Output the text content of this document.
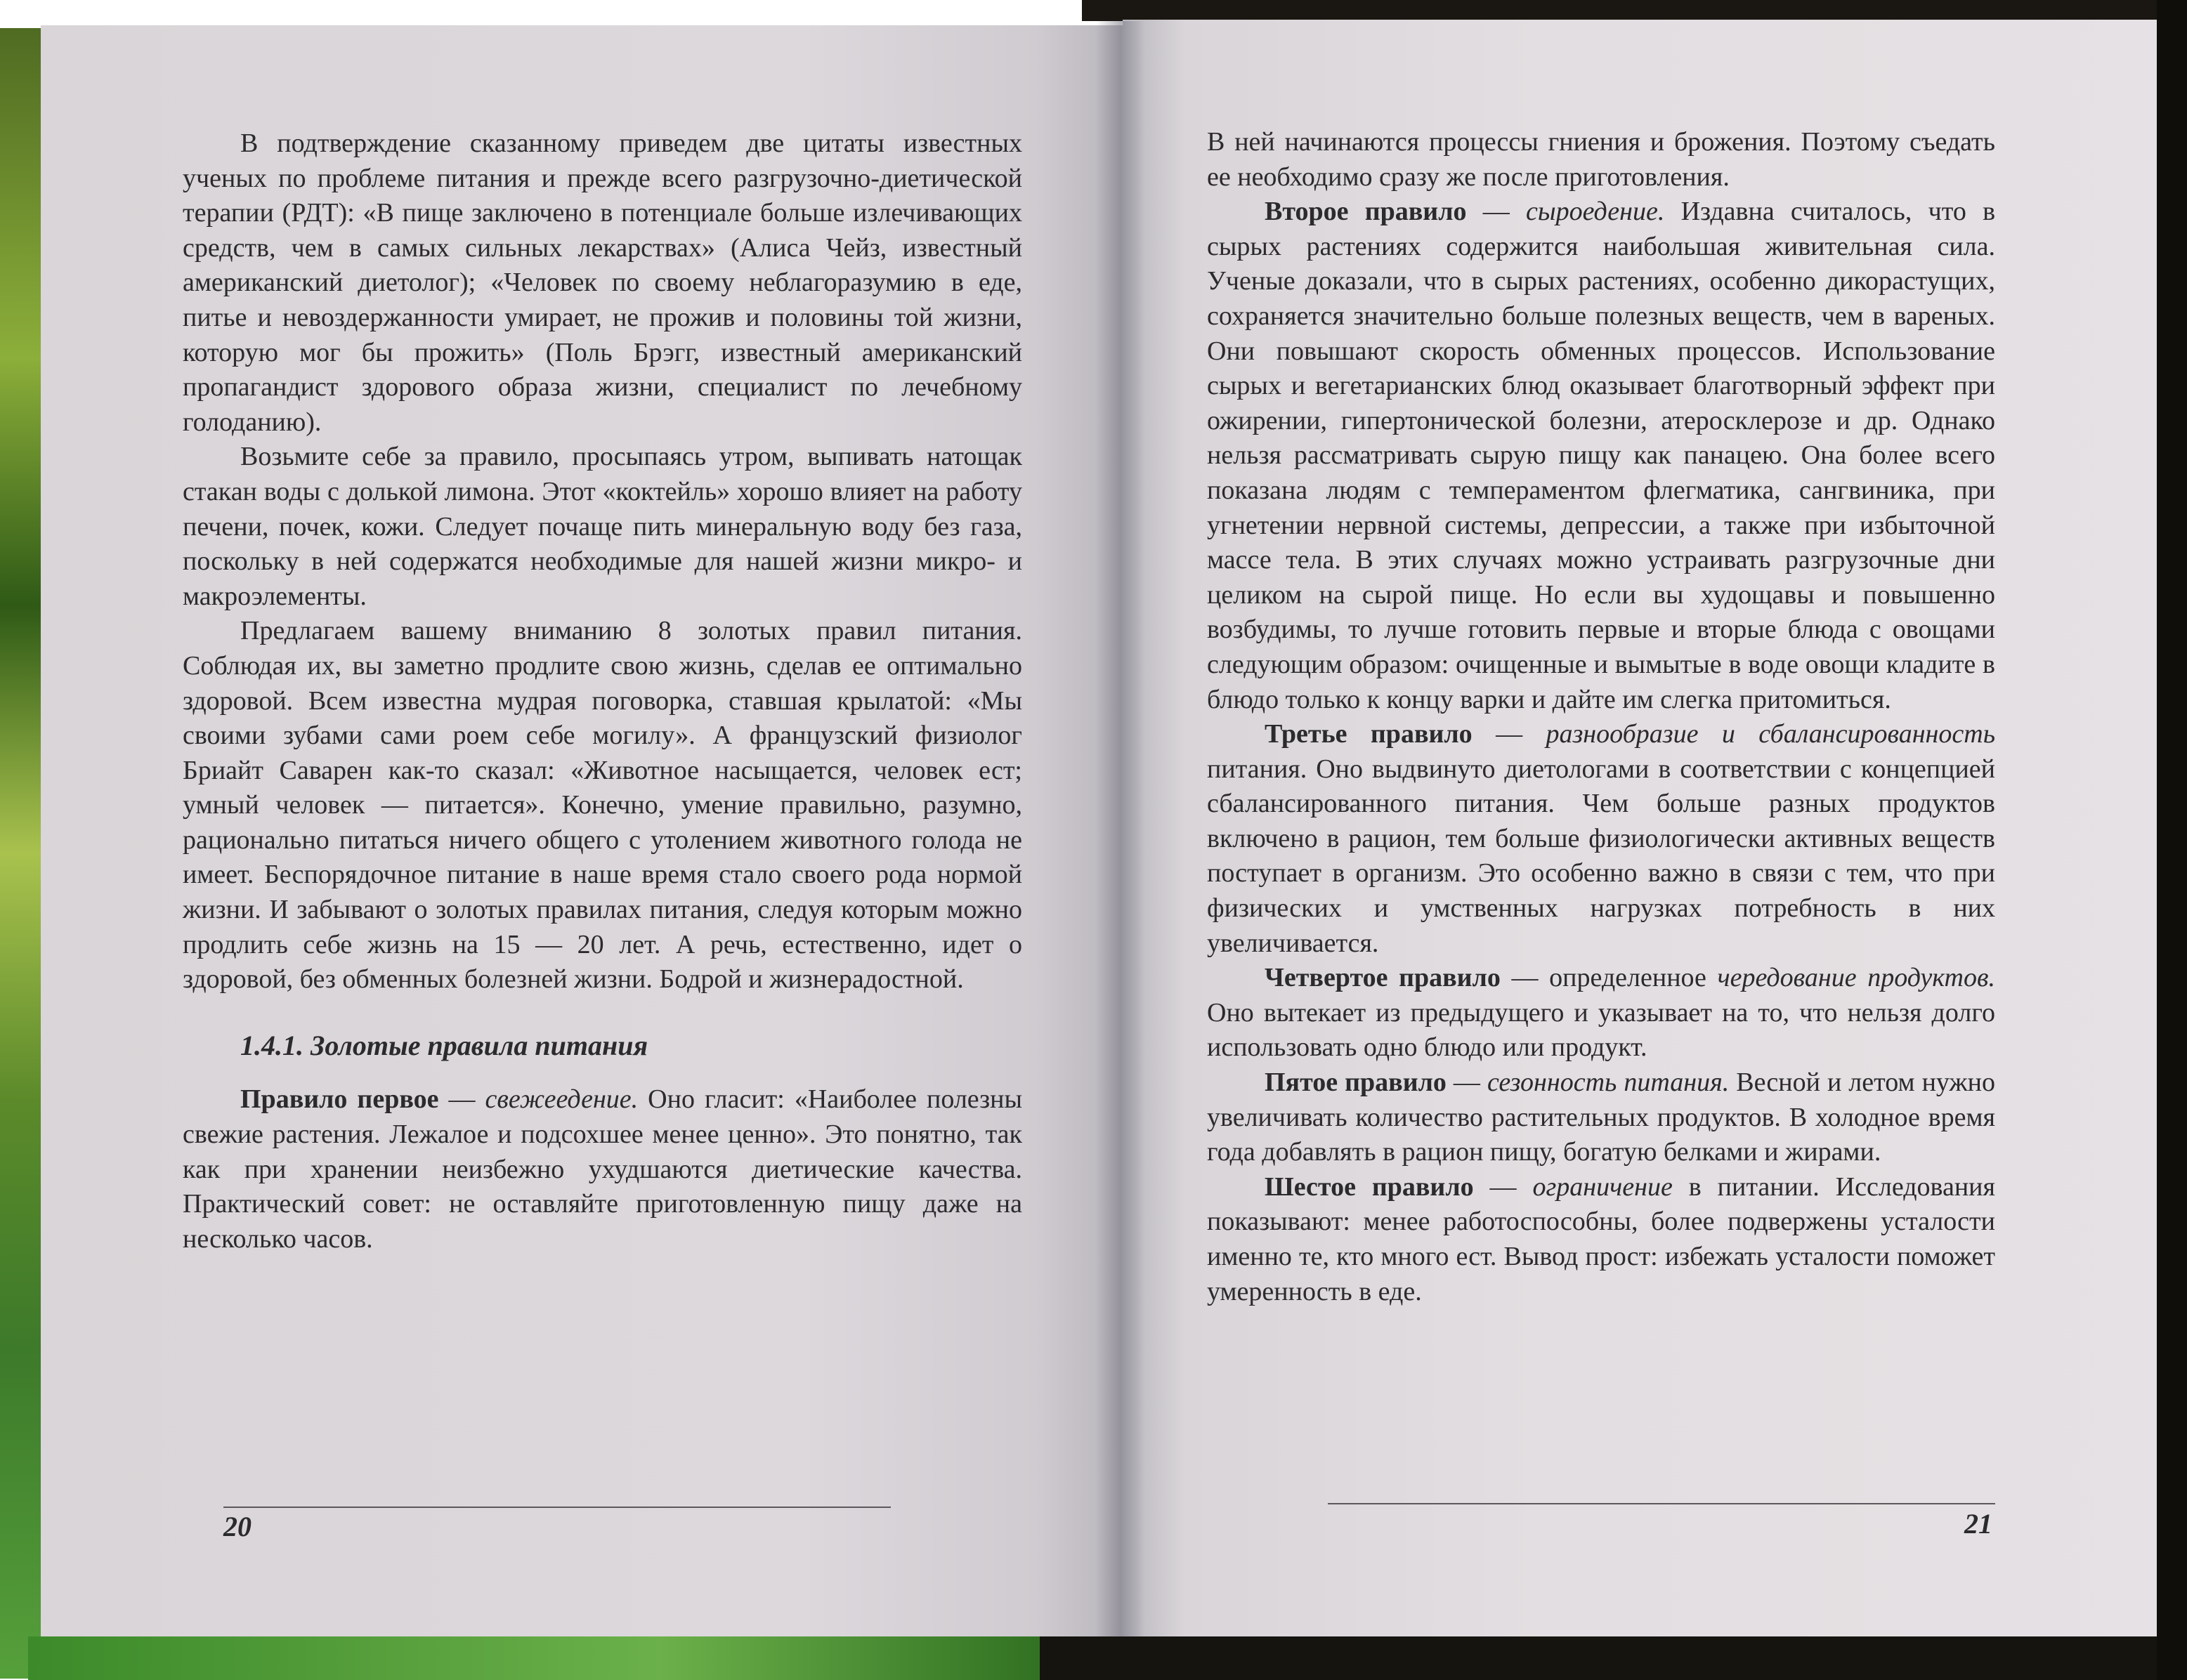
В подтверждение сказанному приведем две цитаты известных ученых по проблеме питания и прежде всего разгрузочно-диетической терапии (РДТ): «В пище заключено в потенциале больше излечивающих средств, чем в самых сильных лекарствах» (Алиса Чейз, известный американский диетолог); «Человек по своему неблагоразумию в еде, питье и невоздержанности умирает, не прожив и половины той жизни, которую мог бы прожить» (Поль Брэгг, известный американский пропагандист здорового образа жизни, специалист по лечебному голоданию).

Возьмите себе за правило, просыпаясь утром, выпивать натощак стакан воды с долькой лимона. Этот «коктейль» хорошо влияет на работу печени, почек, кожи. Следует почаще пить минеральную воду без газа, поскольку в ней содержатся необходимые для нашей жизни микро- и макроэлементы.

Предлагаем вашему вниманию 8 золотых правил питания. Соблюдая их, вы заметно продлите свою жизнь, сделав ее оптимально здоровой. Всем известна мудрая поговорка, ставшая крылатой: «Мы своими зубами сами роем себе могилу». А французский физиолог Бриайт Саварен как-то сказал: «Животное насыщается, человек ест; умный человек — питается». Конечно, умение правильно, разумно, рационально питаться ничего общего с утолением животного голода не имеет. Беспорядочное питание в наше время стало своего рода нормой жизни. И забывают о золотых правилах питания, следуя которым можно продлить себе жизнь на 15 — 20 лет. А речь, естественно, идет о здоровой, без обменных болезней жизни. Бодрой и жизнерадостной.

1.4.1. Золотые правила питания

Правило первое — свежеедение. Оно гласит: «Наиболее полезны свежие растения. Лежалое и подсохшее менее ценно». Это понятно, так как при хранении неизбежно ухудшаются диетические качества. Практический совет: не оставляйте приготовленную пищу даже на несколько часов.

20

В ней начинаются процессы гниения и брожения. Поэтому съедать ее необходимо сразу же после приготовления.

Второе правило — сыроедение. Издавна считалось, что в сырых растениях содержится наибольшая живительная сила. Ученые доказали, что в сырых растениях, особенно дикорастущих, сохраняется значительно больше полезных веществ, чем в вареных. Они повышают скорость обменных процессов. Использование сырых и вегетарианских блюд оказывает благотворный эффект при ожирении, гипертонической болезни, атеросклерозе и др. Однако нельзя рассматривать сырую пищу как панацею. Она более всего показана людям с темпераментом флегматика, сангвиника, при угнетении нервной системы, депрессии, а также при избыточной массе тела. В этих случаях можно устраивать разгрузочные дни целиком на сырой пище. Но если вы худощавы и повышенно возбудимы, то лучше готовить первые и вторые блюда с овощами следующим образом: очищенные и вымытые в воде овощи кладите в блюдо только к концу варки и дайте им слегка притомиться.

Третье правило — разнообразие и сбалансированность питания. Оно выдвинуто диетологами в соответствии с концепцией сбалансированного питания. Чем больше разных продуктов включено в рацион, тем больше физиологически активных веществ поступает в организм. Это особенно важно в связи с тем, что при физических и умственных нагрузках потребность в них увеличивается.

Четвертое правило — определенное чередование продуктов. Оно вытекает из предыдущего и указывает на то, что нельзя долго использовать одно блюдо или продукт.

Пятое правило — сезонность питания. Весной и летом нужно увеличивать количество растительных продуктов. В холодное время года добавлять в рацион пищу, богатую белками и жирами.

Шестое правило — ограничение в питании. Исследования показывают: менее работоспособны, более подвержены усталости именно те, кто много ест. Вывод прост: избежать усталости поможет умеренность в еде.

21
